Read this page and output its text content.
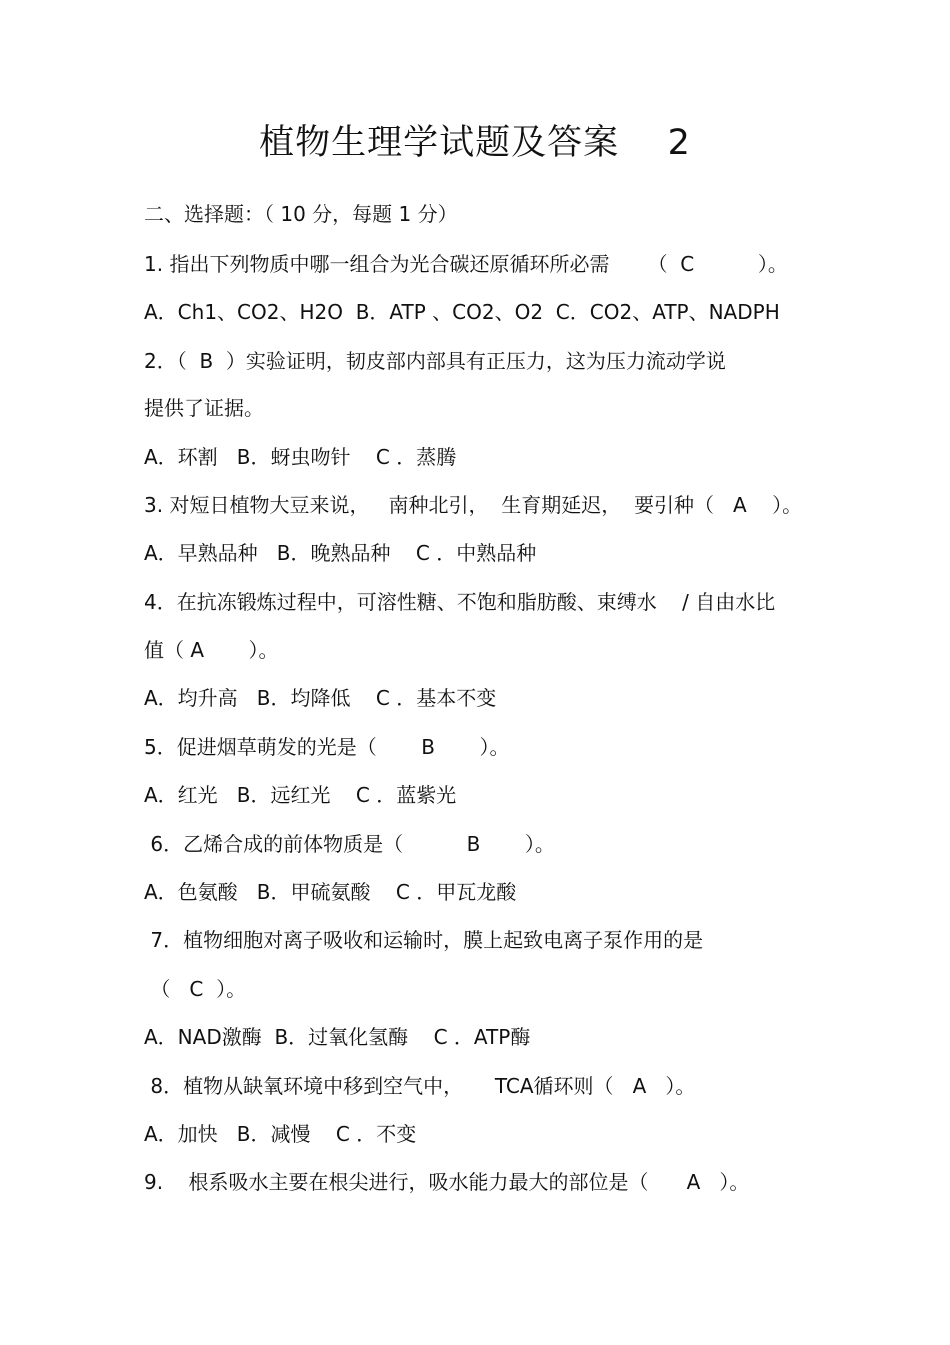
植物生理学试题及答案    2
二、选择题：（ 10 分，每题 1 分）
1. 指出下列物质中哪一组合为光合碳还原循环所必需      （  C          ）。
A．Ch1、CO2、H2O  B．ATP 、CO2、O2  C．CO2、ATP、NADPH
2．（  B  ）实验证明，韧皮部内部具有正压力，这为压力流动学说
提供了证据。
A．环割   B．蚜虫吻针    C ．蒸腾
3. 对短日植物大豆来说，   南种北引，  生育期延迟，  要引种（   A    ）。
A．早熟品种   B．晚熟品种    C ．中熟品种
4．在抗冻锻炼过程中，可溶性糖、不饱和脂肪酸、束缚水    / 自由水比
值（ A       ）。
A．均升高   B．均降低    C ．基本不变
5．促进烟草萌发的光是（       B       ）。
A．红光   B．远红光    C ．蓝紫光
6．乙烯合成的前体物质是（          B       ）。
A．色氨酸   B．甲硫氨酸    C ．甲瓦龙酸
7．植物细胞对离子吸收和运输时，膜上起致电离子泵作用的是
（   C  ）。
A．NAD激酶  B．过氧化氢酶    C ．ATP酶
8．植物从缺氧环境中移到空气中，     TCA循环则（   A   ）。
A．加快   B．减慢    C ．不变
9.    根系吸水主要在根尖进行，吸水能力最大的部位是（      A   ）。
